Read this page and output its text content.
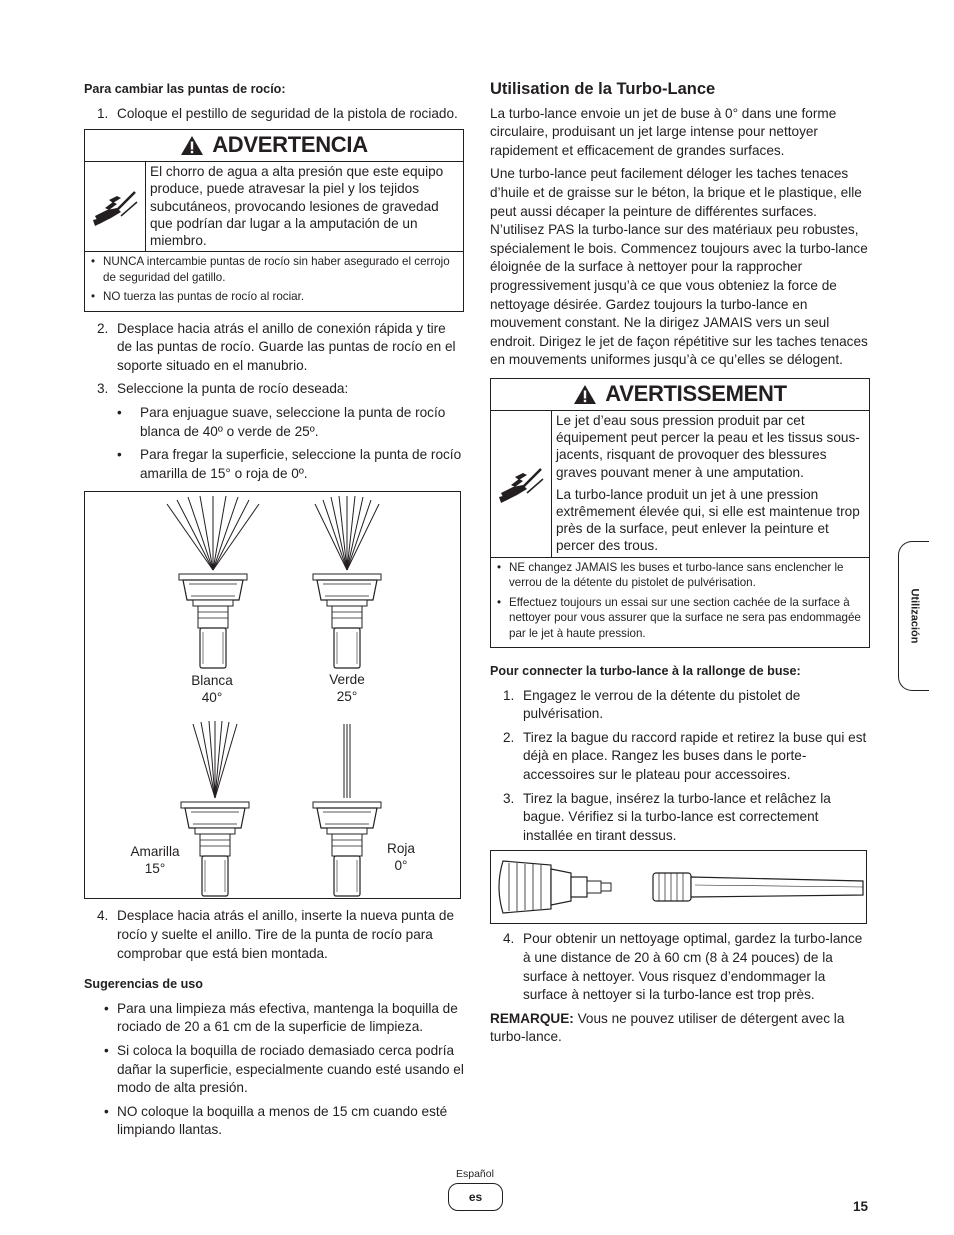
Para cambiar las puntas de rocío:
1. Coloque el pestillo de seguridad de la pistola de rociado.
ADVERTENCIA
El chorro de agua a alta presión que este equipo produce, puede atravesar la piel y los tejidos subcutáneos, provocando lesiones de gravedad que podrían dar lugar a la amputación de un miembro.
• NUNCA intercambie puntas de rocío sin haber asegurado el cerrojo de seguridad del gatillo.
• NO tuerza las puntas de rocío al rociar.
2. Desplace hacia atrás el anillo de conexión rápida y tire de las puntas de rocío. Guarde las puntas de rocío en el soporte situado en el manubrio.
3. Seleccione la punta de rocío deseada:
• Para enjuague suave, seleccione la punta de rocío blanca de 40º o verde de 25º.
• Para fregar la superficie, seleccione la punta de rocío amarilla de 15° o roja de 0º.
Blanca
40°
Verde
25°
Amarilla
15°
Roja
0°
4. Desplace hacia atrás el anillo, inserte la nueva punta de rocío y suelte el anillo. Tire de la punta de rocío para comprobar que está bien montada.
Sugerencias de uso
• Para una limpieza más efectiva, mantenga la boquilla de rociado de 20 a 61 cm de la superficie de limpieza.
• Si coloca la boquilla de rociado demasiado cerca podría dañar la superficie, especialmente cuando esté usando el modo de alta presión.
• NO coloque la boquilla a menos de 15 cm cuando esté limpiando llantas.
Utilisation de la Turbo-Lance

La turbo-lance envoie un jet de buse à 0° dans une forme circulaire, produisant un jet large intense pour nettoyer rapidement et efficacement de grandes surfaces.

Une turbo-lance peut facilement déloger les taches tenaces d’huile et de graisse sur le béton, la brique et le plastique, elle peut aussi décaper la peinture de différentes surfaces. N’utilisez PAS la turbo-lance sur des matériaux peu robustes, spécialement le bois. Commencez toujours avec la turbo-lance éloignée de la surface à nettoyer pour la rapprocher progressivement jusqu’à ce que vous obteniez la force de nettoyage désirée. Gardez toujours la turbo-lance en mouvement constant. Ne la dirigez JAMAIS vers un seul endroit. Dirigez le jet de façon répétitive sur les taches tenaces en mouvements uniformes jusqu’à ce qu’elles se délogent.

AVERTISSEMENT
Le jet d’eau sous pression produit par cet équipement peut percer la peau et les tissus sous-jacents, risquant de provoquer des blessures graves pouvant mener à une amputation.
La turbo-lance produit un jet à une pression extrêmement élevée qui, si elle est maintenue trop près de la surface, peut enlever la peinture et percer des trous.
• NE changez JAMAIS les buses et turbo-lance sans enclencher le verrou de la détente du pistolet de pulvérisation.
• Effectuez toujours un essai sur une section cachée de la surface à nettoyer pour vous assurer que la surface ne sera pas endommagée par le jet à haute pression.
Pour connecter la turbo-lance à la rallonge de buse:
1. Engagez le verrou de la détente du pistolet de pulvérisation.
2. Tirez la bague du raccord rapide et retirez la buse qui est déjà en place. Rangez les buses dans le porte-accessoires sur le plateau pour accessoires.
3. Tirez la bague, insérez la turbo-lance et relâchez la bague. Vérifiez si la turbo-lance est correctement installée en tirant dessus.
4. Pour obtenir un nettoyage optimal, gardez la turbo-lance à une distance de 20 à 60 cm (8 à 24 pouces) de la surface à nettoyer. Vous risquez d’endommager la surface à nettoyer si la turbo-lance est trop près.

REMARQUE: Vous ne pouvez utiliser de détergent avec la turbo-lance.

Utilización
Español
es
15
